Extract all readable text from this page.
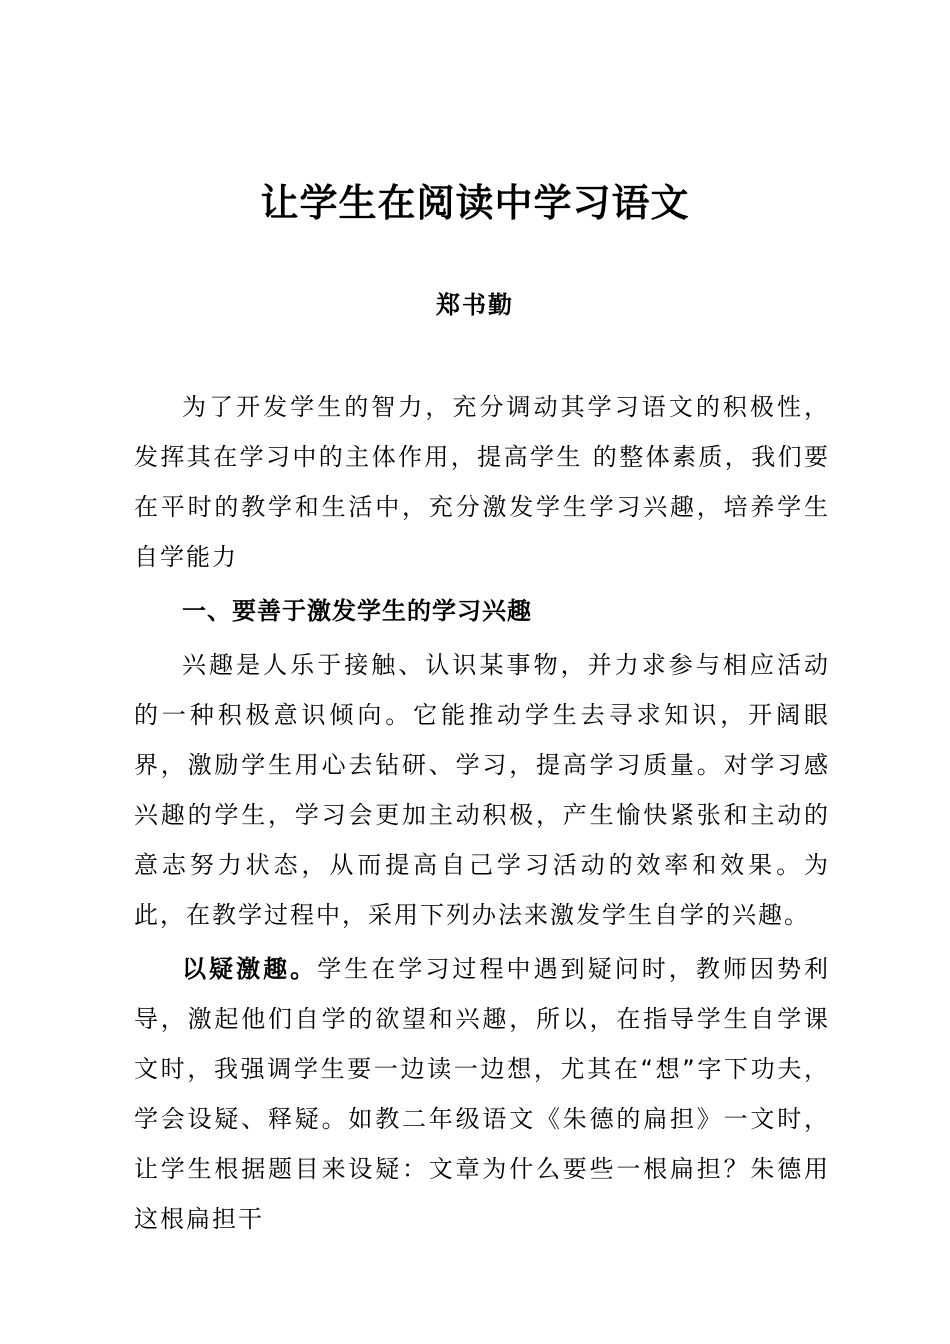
让学生在阅读中学习语文
郑书勤

为了开发学生的智力，充分调动其学习语文的积极性，发挥其在学习中的主体作用，提高学生 的整体素质，我们要在平时的教学和生活中，充分激发学生学习兴趣，培养学生自学能力

一、要善于激发学生的学习兴趣

兴趣是人乐于接触、认识某事物，并力求参与相应活动的一种积极意识倾向。它能推动学生去寻求知识，开阔眼界，激励学生用心去钻研、学习，提高学习质量。对学习感兴趣的学生，学习会更加主动积极，产生愉快紧张和主动的意志努力状态，从而提高自己学习活动的效率和效果。为此，在教学过程中，采用下列办法来激发学生自学的兴趣。

以疑激趣。学生在学习过程中遇到疑问时，教师因势利导，激起他们自学的欲望和兴趣，所以，在指导学生自学课文时，我强调学生要一边读一边想，尤其在“想”字下功夫，学会设疑、释疑。如教二年级语文《朱德的扁担》一文时，让学生根据题目来设疑：文章为什么要些一根扁担？朱德用这根扁担干
